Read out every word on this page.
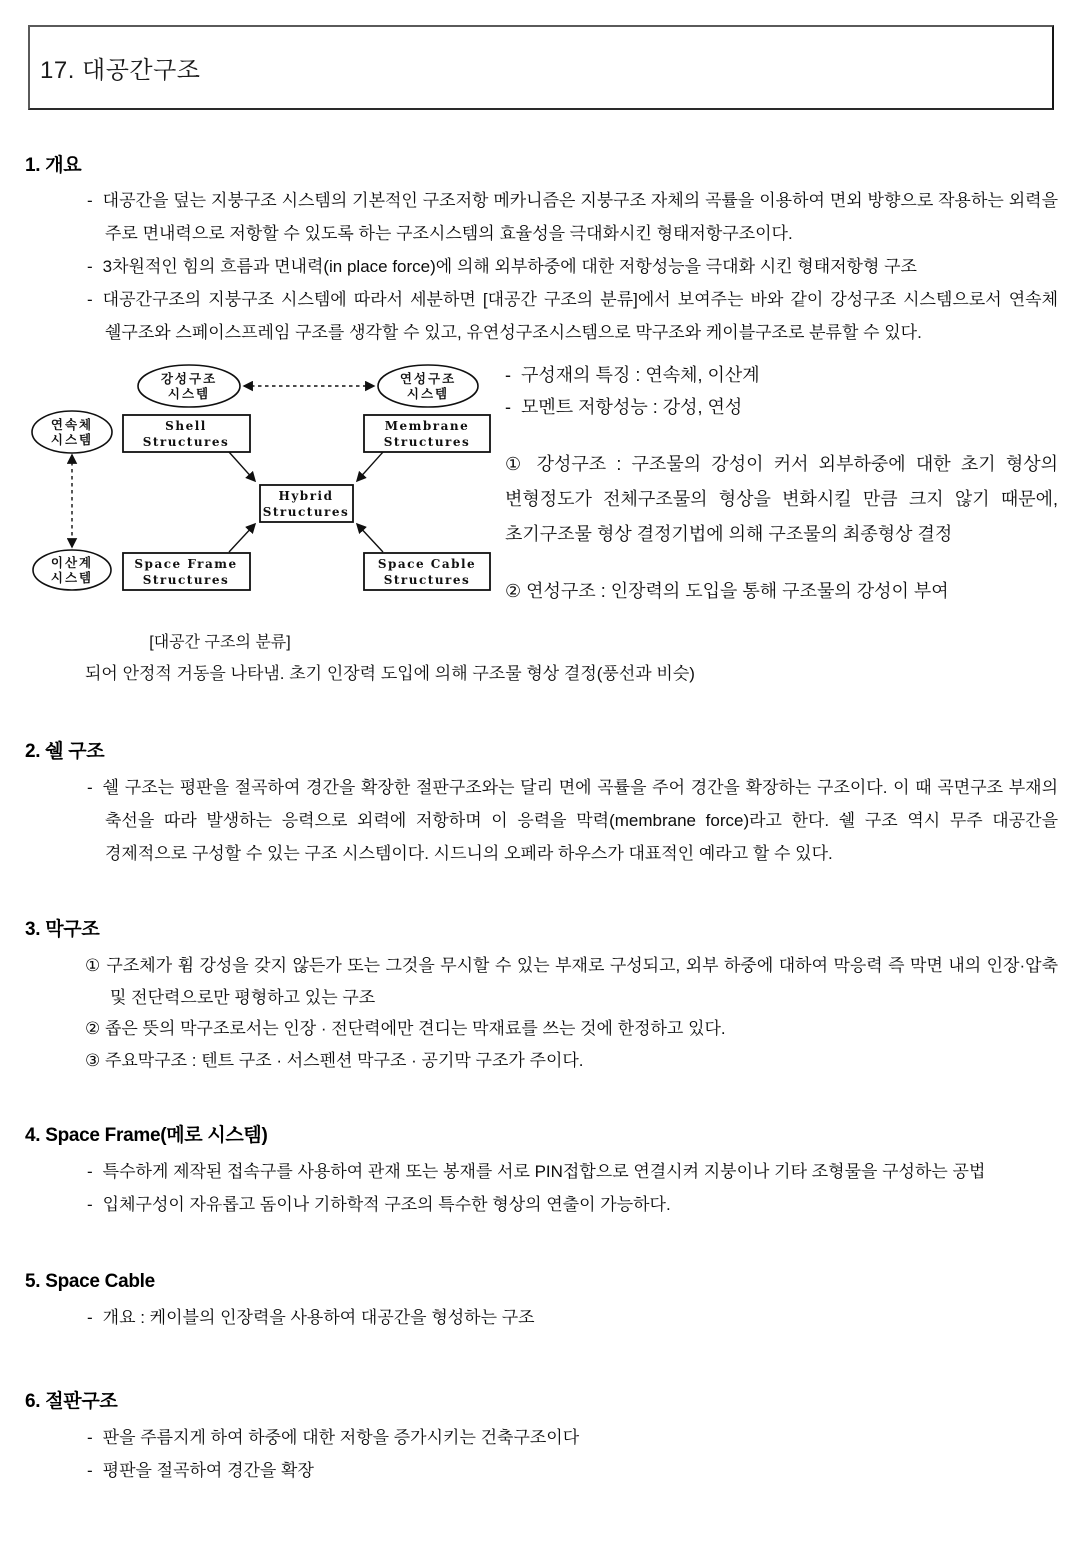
17. 대공간구조
1. 개요
- 대공간을 덮는 지붕구조 시스템의 기본적인 구조저항 메카니즘은 지붕구조 자체의 곡률을 이용하여 면외 방향으로 작용하는 외력을 주로 면내력으로 저항할 수 있도록 하는 구조시스템의 효율성을 극대화시킨 형태저항구조이다.
- 3차원적인 힘의 흐름과 면내력(in place force)에 의해 외부하중에 대한 저항성능을 극대화 시킨 형태저항형 구조
- 대공간구조의 지붕구조 시스템에 따라서 세분하면 [대공간 구조의 분류]에서 보여주는 바와 같이 강성구조 시스템으로서 연속체 쉘구조와 스페이스프레임 구조를 생각할 수 있고, 유연성구조시스템으로 막구조와 케이블구조로 분류할 수 있다.
강성구조
시스템
연성구조
시스템
연속체
시스템
이산계
시스템
Shell
Structures
Membrane
Structures
Hybrid
Structures
Space Frame
Structures
Space Cable
Structures
[대공간 구조의 분류]
- 구성재의 특징 : 연속체, 이산계
- 모멘트 저항성능 : 강성, 연성
① 강성구조 : 구조물의 강성이 커서 외부하중에 대한 초기 형상의 변형정도가 전체구조물의 형상을 변화시킬 만큼 크지 않기 때문에, 초기구조물 형상 결정기법에 의해 구조물의 최종형상 결정
② 연성구조 : 인장력의 도입을 통해 구조물의 강성이 부여
되어 안정적 거동을 나타냄. 초기 인장력 도입에 의해 구조물 형상 결정(풍선과 비슷)
2. 쉘 구조
- 쉘 구조는 평판을 절곡하여 경간을 확장한 절판구조와는 달리 면에 곡률을 주어 경간을 확장하는 구조이다. 이 때 곡면구조 부재의 축선을 따라 발생하는 응력으로 외력에 저항하며 이 응력을 막력(membrane force)라고 한다. 쉘 구조 역시 무주 대공간을 경제적으로 구성할 수 있는 구조 시스템이다. 시드니의 오페라 하우스가 대표적인 예라고 할 수 있다.
3. 막구조
① 구조체가 휨 강성을 갖지 않든가 또는 그것을 무시할 수 있는 부재로 구성되고, 외부 하중에 대하여 막응력 즉 막면 내의 인장·압축 및 전단력으로만 평형하고 있는 구조
② 좁은 뜻의 막구조로서는 인장 · 전단력에만 견디는 막재료를 쓰는 것에 한정하고 있다.
③ 주요막구조 : 텐트 구조 · 서스펜션 막구조 · 공기막 구조가 주이다.
4. Space Frame(메로 시스템)
- 특수하게 제작된 접속구를 사용하여 관재 또는 봉재를 서로 PIN접합으로 연결시켜 지붕이나 기타 조형물을 구성하는 공법
- 입체구성이 자유롭고 돔이나 기하학적 구조의 특수한 형상의 연출이 가능하다.
5. Space Cable
- 개요 : 케이블의 인장력을 사용하여 대공간을 형성하는 구조
6. 절판구조
- 판을 주름지게 하여 하중에 대한 저항을 증가시키는 건축구조이다
- 평판을 절곡하여 경간을 확장
